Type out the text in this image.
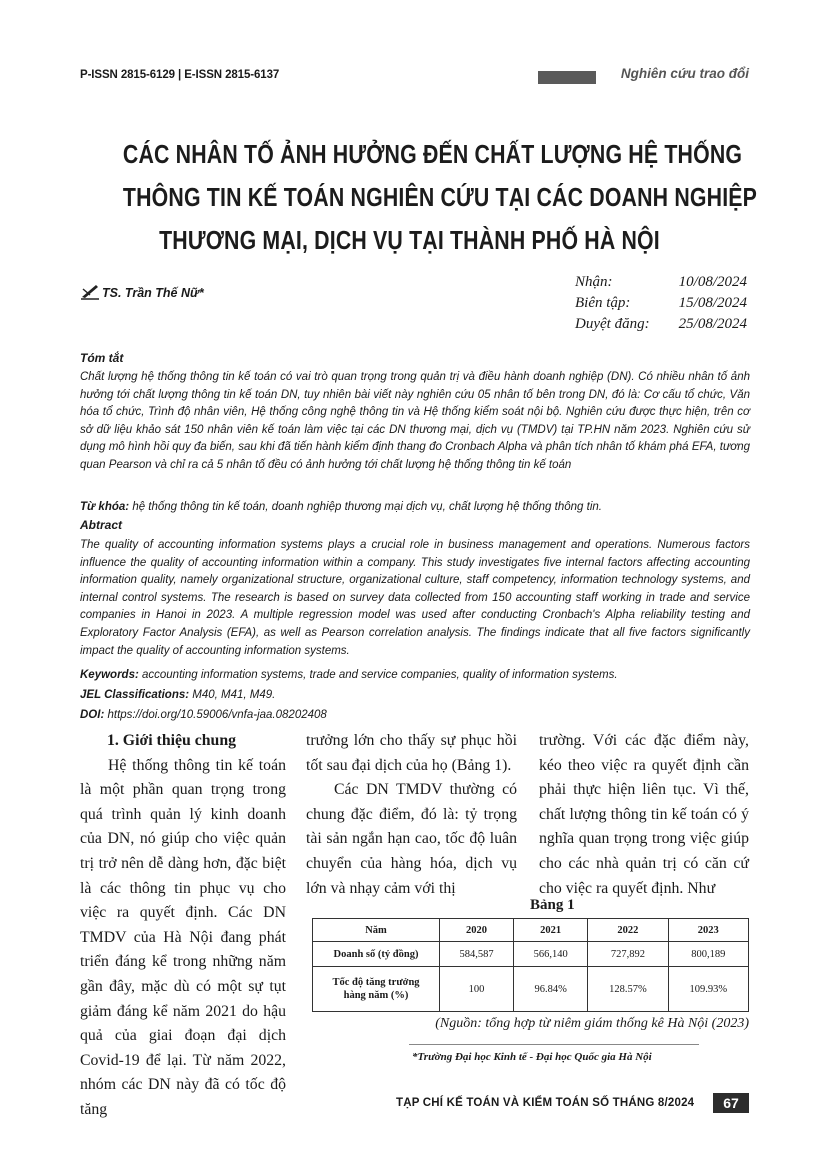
P-ISSN 2815-6129 | E-ISSN 2815-6137	Nghiên cứu trao đổi
CÁC NHÂN TỐ ẢNH HƯỞNG ĐẾN CHẤT LƯỢNG HỆ THỐNG
THÔNG TIN KẾ TOÁN NGHIÊN CỨU TẠI CÁC DOANH NGHIỆP
THƯƠNG MẠI, DỊCH VỤ TẠI THÀNH PHỐ HÀ NỘI
TS. Trần Thế Nữ*
Nhận:	10/08/2024
Biên tập:	15/08/2024
Duyệt đăng:	25/08/2024
Tóm tắt
Chất lượng hệ thống thông tin kế toán có vai trò quan trọng trong quản trị và điều hành doanh nghiệp (DN). Có nhiều nhân tố ảnh hưởng tới chất lượng thông tin kế toán DN, tuy nhiên bài viết này nghiên cứu 05 nhân tố bên trong DN, đó là: Cơ cấu tổ chức, Văn hóa tổ chức, Trình độ nhân viên, Hệ thống công nghệ thông tin và Hệ thống kiểm soát nội bộ. Nghiên cứu được thực hiện, trên cơ sở dữ liệu khảo sát 150 nhân viên kế toán làm việc tại các DN thương mại, dịch vụ (TMDV) tại TP.HN năm 2023. Nghiên cứu sử dụng mô hình hồi quy đa biến, sau khi đã tiến hành kiểm định thang đo Cronbach Alpha và phân tích nhân tố khám phá EFA, tương quan Pearson và chỉ ra cả 5 nhân tố đều có ảnh hưởng tới chất lượng hệ thống thông tin kế toán
Từ khóa: hệ thống thông tin kế toán, doanh nghiệp thương mại dịch vụ, chất lượng hệ thống thông tin.
Abtract
The quality of accounting information systems plays a crucial role in business management and operations. Numerous factors influence the quality of accounting information within a company. This study investigates five internal factors affecting accounting information quality, namely organizational structure, organizational culture, staff competency, information technology systems, and internal control systems. The research is based on survey data collected from 150 accounting staff working in trade and service companies in Hanoi in 2023. A multiple regression model was used after conducting Cronbach's Alpha reliability testing and Exploratory Factor Analysis (EFA), as well as Pearson correlation analysis. The findings indicate that all five factors significantly impact the quality of accounting information systems.
Keywords: accounting information systems, trade and service companies, quality of information systems.
JEL Classifications: M40, M41, M49.
DOI: https://doi.org/10.59006/vnfa-jaa.08202408

1. Giới thiệu chung

Hệ thống thông tin kế toán là một phần quan trọng trong quá trình quản lý kinh doanh của DN, nó giúp cho việc quản trị trở nên dễ dàng hơn, đặc biệt là các thông tin phục vụ cho việc ra quyết định. Các DN TMDV của Hà Nội đang phát triển đáng kể trong những năm gần đây, mặc dù có một sự tụt giảm đáng kể năm 2021 do hậu quả của giai đoạn đại dịch Covid-19 để lại. Từ năm 2022, nhóm các DN này đã có tốc độ tăng

trưởng lớn cho thấy sự phục hồi tốt sau đại dịch của họ (Bảng 1).

Các DN TMDV thường có chung đặc điểm, đó là: tỷ trọng tài sản ngắn hạn cao, tốc độ luân chuyển của hàng hóa, dịch vụ lớn và nhạy cảm với thị

trường. Với các đặc điểm này, kéo theo việc ra quyết định cần phải thực hiện liên tục. Vì thế, chất lượng thông tin kế toán có ý nghĩa quan trọng trong việc giúp cho các nhà quản trị có căn cứ cho việc ra quyết định. Như

Bảng 1
Năm	2020	2021	2022	2023
Doanh số (tỷ đồng)	584,587	566,140	727,892	800,189
Tốc độ tăng trưởng
hàng năm (%)	100	96.84%	128.57%	109.93%
(Nguồn: tổng hợp từ niêm giám thống kê Hà Nội (2023)
*Trường Đại học Kinh tế - Đại học Quốc gia Hà Nội
TẠP CHÍ KẾ TOÁN VÀ KIỂM TOÁN SỐ THÁNG 8/2024	67
